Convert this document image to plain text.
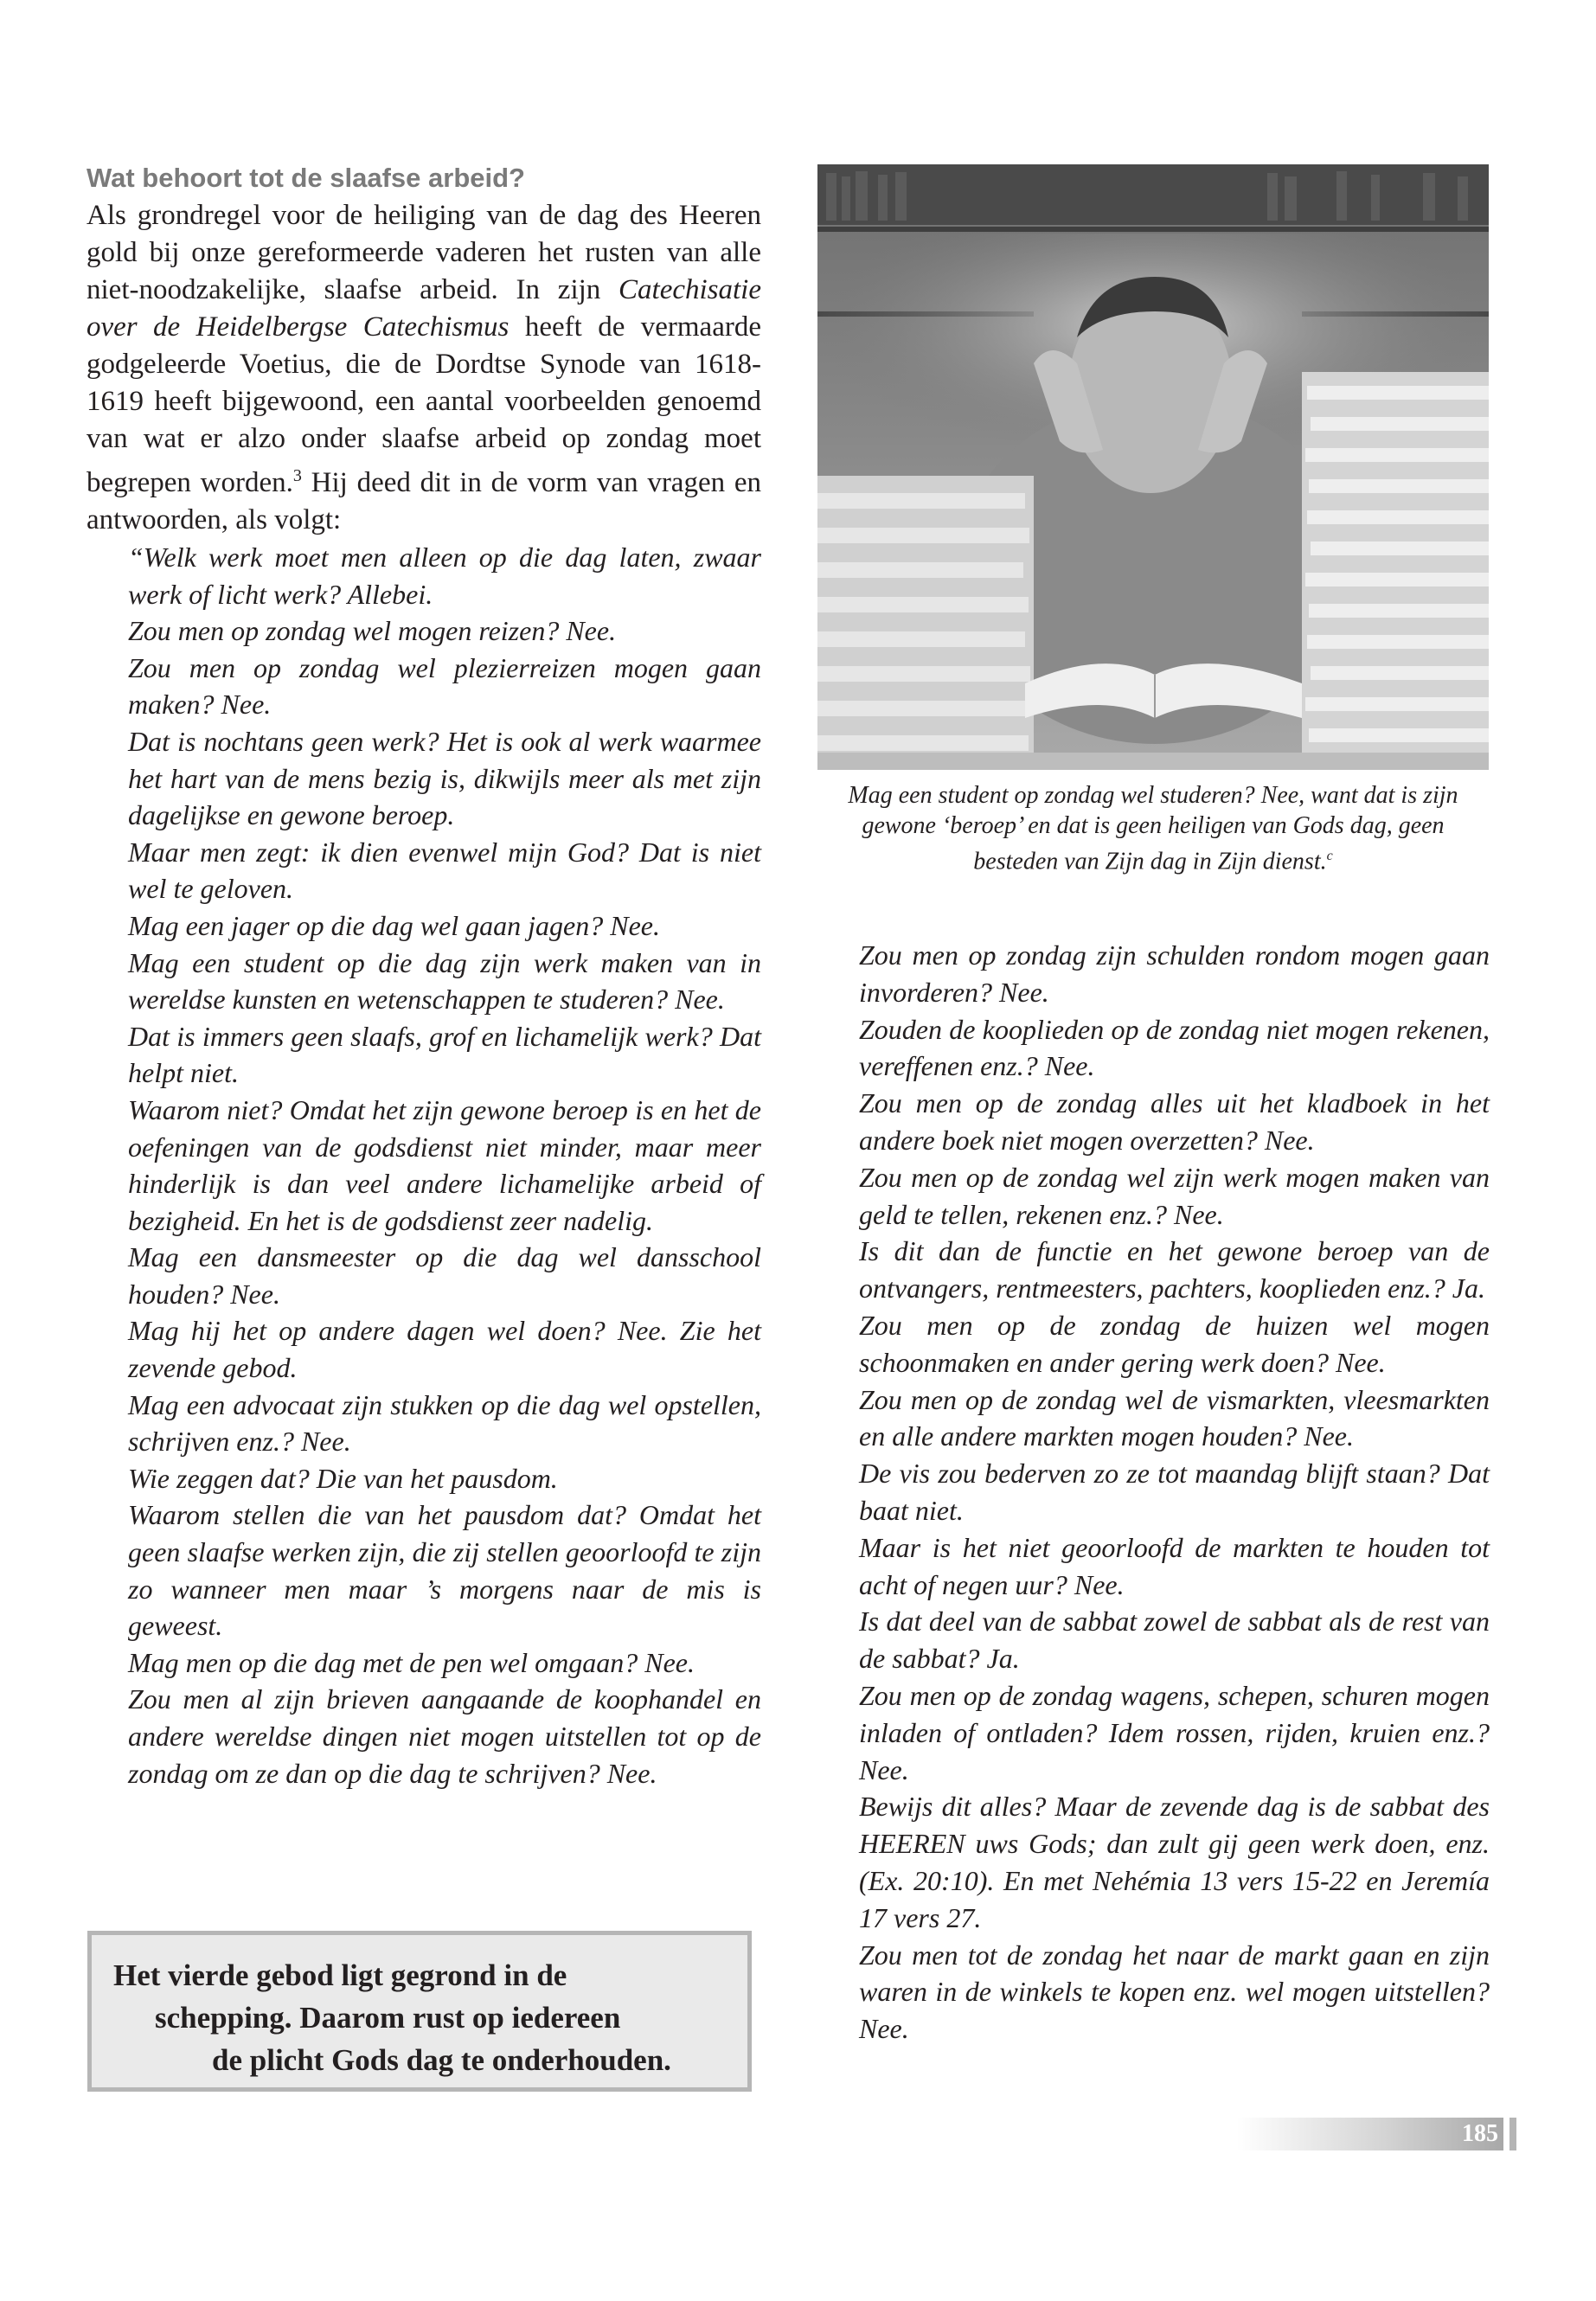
Wat behoort tot de slaafse arbeid?
Als grondregel voor de heiliging van de dag des Heeren gold bij onze gereformeerde vaderen het rusten van alle niet-noodzakelijke, slaafse arbeid. In zijn Catechisatie over de Heidelbergse Catechismus heeft de vermaarde godgeleerde Voetius, die de Dordtse Synode van 1618-1619 heeft bijgewoond, een aantal voorbeelden genoemd van wat er alzo onder slaafse arbeid op zondag moet begrepen worden.$^3$ Hij deed dit in de vorm van vragen en antwoorden, als volgt:
“Welk werk moet men alleen op die dag laten, zwaar werk of licht werk? Allebei.
Zou men op zondag wel mogen reizen? Nee.
Zou men op zondag wel plezierreizen mogen gaan maken? Nee.
Dat is nochtans geen werk? Het is ook al werk waarmee het hart van de mens bezig is, dikwijls meer als met zijn dagelijkse en gewone beroep.
Maar men zegt: ik dien evenwel mijn God? Dat is niet wel te geloven.
Mag een jager op die dag wel gaan jagen? Nee.
Mag een student op die dag zijn werk maken van in wereldse kunsten en wetenschappen te studeren? Nee.
Dat is immers geen slaafs, grof en lichamelijk werk? Dat helpt niet.
Waarom niet? Omdat het zijn gewone beroep is en het de oefeningen van de godsdienst niet minder, maar meer hinderlijk is dan veel andere lichamelijke arbeid of bezigheid. En het is de godsdienst zeer nadelig.
Mag een dansmeester op die dag wel dansschool houden? Nee.
Mag hij het op andere dagen wel doen? Nee. Zie het zevende gebod.
Mag een advocaat zijn stukken op die dag wel opstellen, schrijven enz.? Nee.
Wie zeggen dat? Die van het pausdom.
Waarom stellen die van het pausdom dat? Omdat het geen slaafse werken zijn, die zij stellen geoorloofd te zijn zo wanneer men maar ’s morgens naar de mis is geweest.
Mag men op die dag met de pen wel omgaan? Nee.
Zou men al zijn brieven aangaande de koophandel en andere wereldse dingen niet mogen uitstellen tot op de zondag om ze dan op die dag te schrijven? Nee.
Het vierde gebod ligt gegrond in de
schepping. Daarom rust op iedereen
de plicht Gods dag te onderhouden.
Mag een student op zondag wel studeren? Nee, want dat is zijn gewone ‘beroep’ en dat is geen heiligen van Gods dag, geen besteden van Zijn dag in Zijn dienst.$^c$
Zou men op zondag zijn schulden rondom mogen gaan invorderen? Nee.
Zouden de kooplieden op de zondag niet mogen rekenen, vereffenen enz.? Nee.
Zou men op de zondag alles uit het kladboek in het andere boek niet mogen overzetten? Nee.
Zou men op de zondag wel zijn werk mogen maken van geld te tellen, rekenen enz.? Nee.
Is dit dan de functie en het gewone beroep van de ontvangers, rentmeesters, pachters, kooplieden enz.? Ja.
Zou men op de zondag de huizen wel mogen schoonmaken en ander gering werk doen? Nee.
Zou men op de zondag wel de vismarkten, vleesmarkten en alle andere markten mogen houden? Nee.
De vis zou bederven zo ze tot maandag blijft staan? Dat baat niet.
Maar is het niet geoorloofd de markten te houden tot acht of negen uur? Nee.
Is dat deel van de sabbat zowel de sabbat als de rest van de sabbat? Ja.
Zou men op de zondag wagens, schepen, schuren mogen inladen of ontladen? Idem rossen, rijden, kruien enz.? Nee.
Bewijs dit alles? Maar de zevende dag is de sabbat des HEEREN uws Gods; dan zult gij geen werk doen, enz. (Ex. 20:10). En met Nehémia 13 vers 15-22 en Jeremía 17 vers 27.
Zou men tot de zondag het naar de markt gaan en zijn waren in de winkels te kopen enz. wel mogen uitstellen? Nee.
185
